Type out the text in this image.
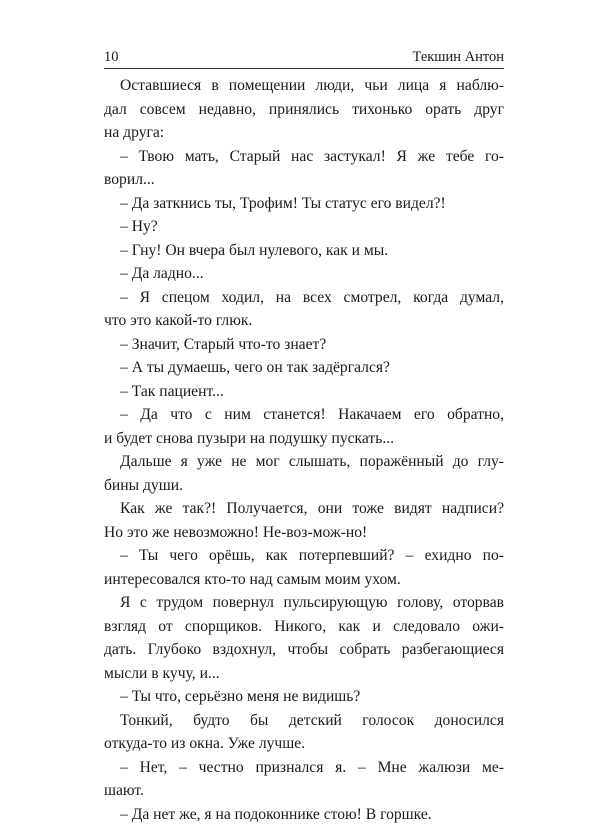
10	Текшин Антон
Оставшиеся в помещении люди, чьи лица я наблю-
дал совсем недавно, принялись тихонько орать друг
на друга:
– Твою мать, Старый нас застукал! Я же тебе го-
ворил...
– Да заткнись ты, Трофим! Ты статус его видел?!
– Ну?
– Гну! Он вчера был нулевого, как и мы.
– Да ладно...
– Я спецом ходил, на всех смотрел, когда думал,
что это какой-то глюк.
– Значит, Старый что-то знает?
– А ты думаешь, чего он так задёргался?
– Так пациент...
– Да что с ним станется! Накачаем его обратно,
и будет снова пузыри на подушку пускать...
Дальше я уже не мог слышать, поражённый до глу-
бины души.
Как же так?! Получается, они тоже видят надписи?
Но это же невозможно! Не-воз-мож-но!
– Ты чего орёшь, как потерпевший? – ехидно по-
интересовался кто-то над самым моим ухом.
Я с трудом повернул пульсирующую голову, оторвав
взгляд от спорщиков. Никого, как и следовало ожи-
дать. Глубоко вздохнул, чтобы собрать разбегающиеся
мысли в кучу, и...
– Ты что, серьёзно меня не видишь?
Тонкий, будто бы детский голосок доносился
откуда-то из окна. Уже лучше.
– Нет, – честно признался я. – Мне жалюзи ме-
шают.
– Да нет же, я на подоконнике стою! В горшке.
